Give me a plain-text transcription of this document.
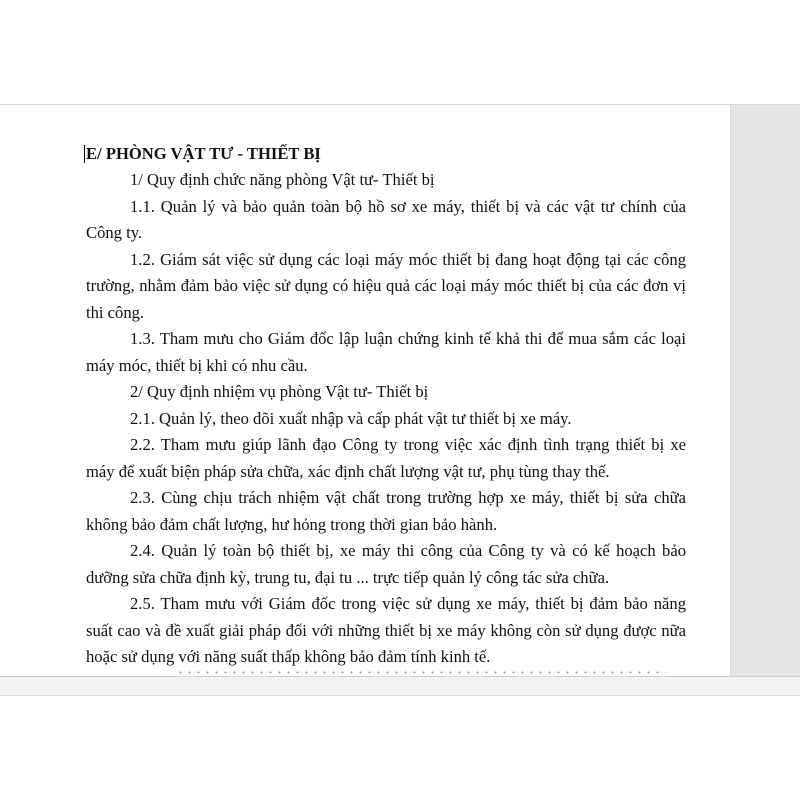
E/ PHÒNG VẬT TƯ - THIẾT BỊ
1/ Quy định chức năng phòng Vật tư- Thiết bị
1.1. Quản lý và bảo quản toàn bộ hồ sơ xe máy, thiết bị và các vật tư chính của Công ty.
1.2. Giám sát việc sử dụng các loại máy móc thiết bị đang hoạt động tại các công trường, nhằm đảm bảo việc sử dụng có hiệu quả các loại máy móc thiết bị của các đơn vị thi công.
1.3. Tham mưu cho Giám đốc lập luận chứng kinh tế khả thi để mua sắm các loại máy móc, thiết bị khi có nhu cầu.
2/ Quy định nhiệm vụ phòng Vật tư- Thiết bị
2.1. Quản lý, theo dõi xuất nhập và cấp phát vật tư thiết bị xe máy.
2.2. Tham mưu giúp lãnh đạo Công ty trong việc xác định tình trạng thiết bị xe máy để xuất biện pháp sửa chữa, xác định chất lượng vật tư, phụ tùng thay thế.
2.3. Cùng chịu trách nhiệm vật chất trong trường hợp xe máy, thiết bị sửa chữa không bảo đảm chất lượng, hư hỏng trong thời gian bảo hành.
2.4. Quản lý toàn bộ thiết bị, xe máy thi công của Công ty và có kế hoạch bảo dưỡng sửa chữa định kỳ, trung tu, đại tu ... trực tiếp quản lý công tác sửa chữa.
2.5. Tham mưu với Giám đốc trong việc sử dụng xe máy, thiết bị đảm bảo năng suất cao và đề xuất giải pháp đối với những thiết bị xe máy không còn sử dụng được nữa hoặc sử dụng với năng suất thấp không bảo đảm tính kinh tế.
